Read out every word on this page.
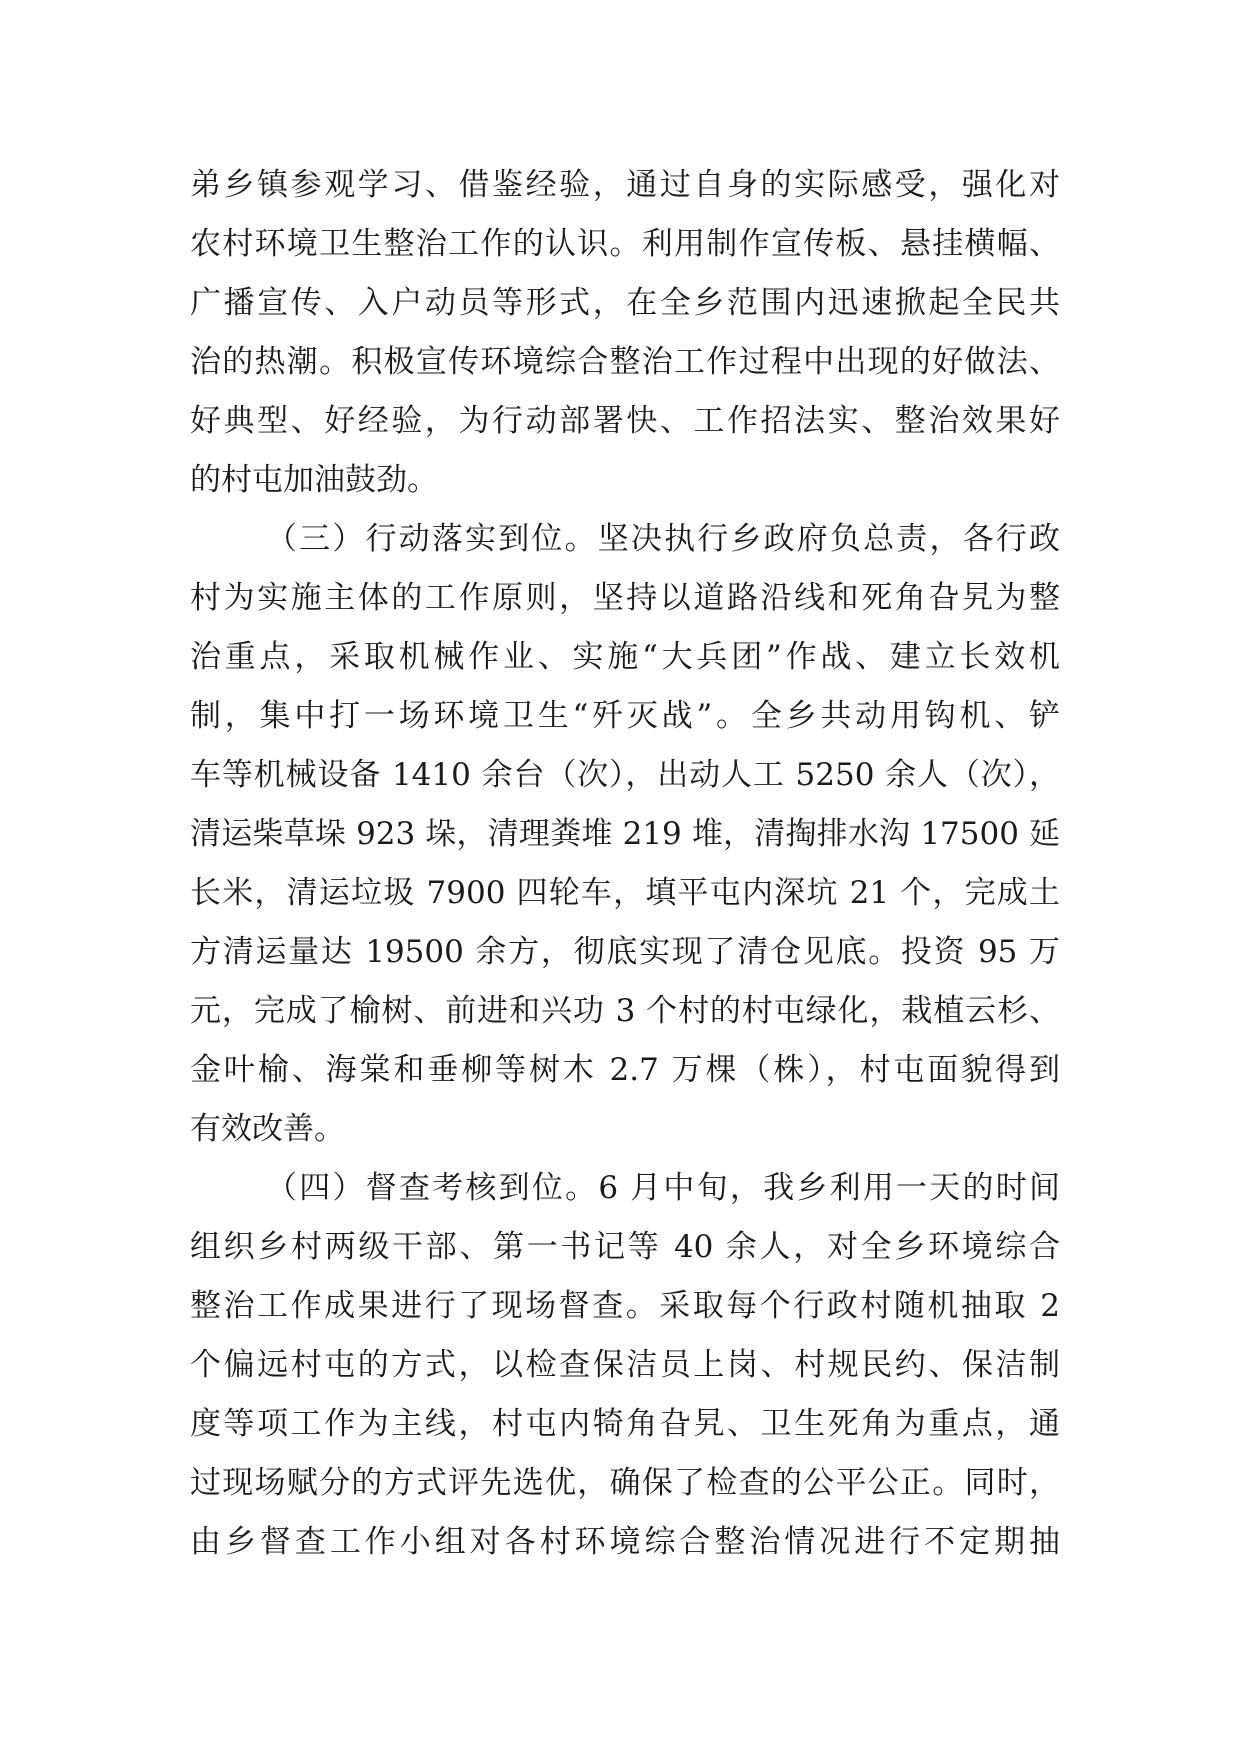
弟乡镇参观学习、借鉴经验，通过自身的实际感受，强化对
农村环境卫生整治工作的认识。利用制作宣传板、悬挂横幅、
广播宣传、入户动员等形式，在全乡范围内迅速掀起全民共
治的热潮。积极宣传环境综合整治工作过程中出现的好做法、
好典型、好经验，为行动部署快、工作招法实、整治效果好
的村屯加油鼓劲。
（三）行动落实到位。坚决执行乡政府负总责，各行政
村为实施主体的工作原则，坚持以道路沿线和死角旮旯为整
治重点，采取机械作业、实施“大兵团”作战、建立长效机
制，集中打一场环境卫生“歼灭战”。全乡共动用钩机、铲
车等机械设备 1410 余台（次），出动人工 5250 余人（次），
清运柴草垛 923 垛，清理粪堆 219 堆，清掏排水沟 17500 延
长米，清运垃圾 7900 四轮车，填平屯内深坑 21 个，完成土
方清运量达 19500 余方，彻底实现了清仓见底。投资 95 万
元，完成了榆树、前进和兴功 3 个村的村屯绿化，栽植云杉、
金叶榆、海棠和垂柳等树木 2.7 万棵（株），村屯面貌得到
有效改善。
（四）督查考核到位。6 月中旬，我乡利用一天的时间
组织乡村两级干部、第一书记等 40 余人，对全乡环境综合
整治工作成果进行了现场督查。采取每个行政村随机抽取 2
个偏远村屯的方式，以检查保洁员上岗、村规民约、保洁制
度等项工作为主线，村屯内犄角旮旯、卫生死角为重点，通
过现场赋分的方式评先选优，确保了检查的公平公正。同时，
由乡督查工作小组对各村环境综合整治情况进行不定期抽
